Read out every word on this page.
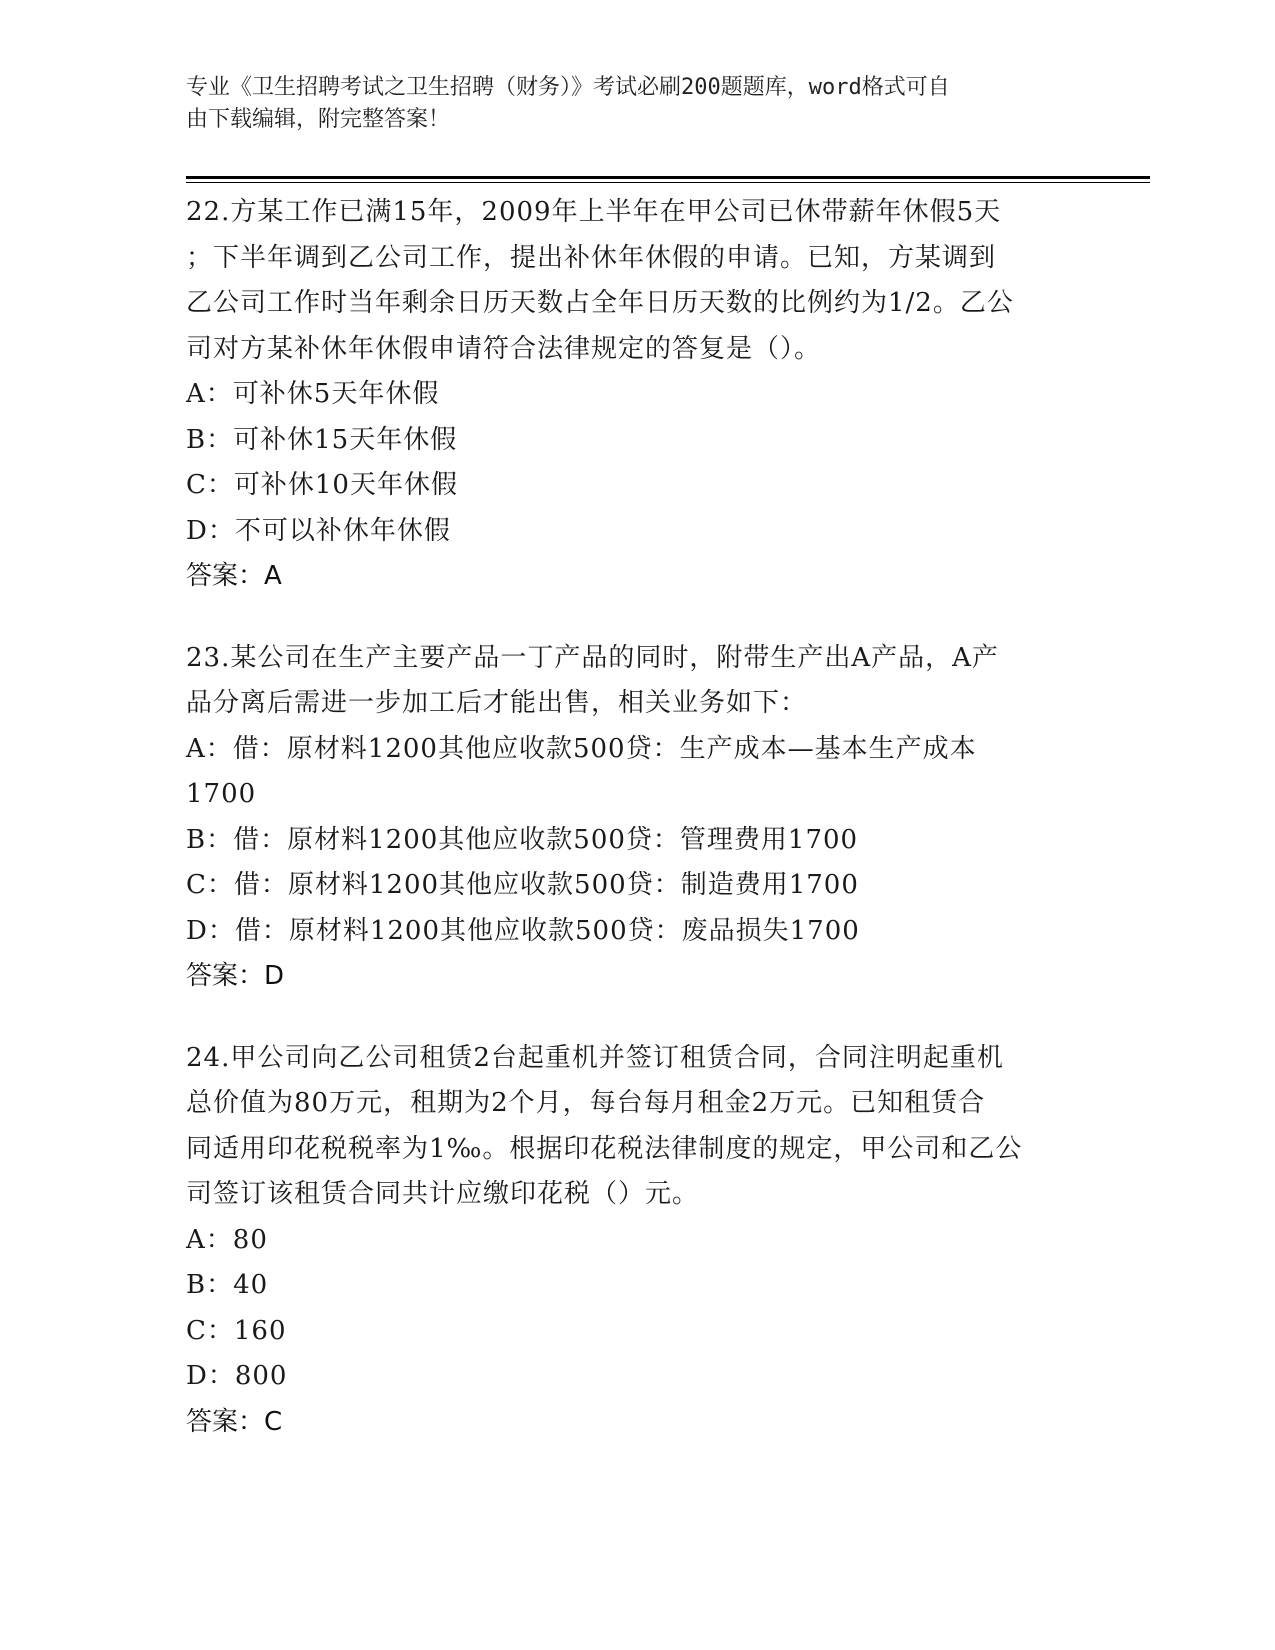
专业《卫生招聘考试之卫生招聘（财务）》考试必刷200题题库，word格式可自
由下载编辑，附完整答案！

22.方某工作已满15年，2009年上半年在甲公司已休带薪年休假5天

；下半年调到乙公司工作，提出补休年休假的申请。已知，方某调到

乙公司工作时当年剩余日历天数占全年日历天数的比例约为1/2。乙公

司对方某补休年休假申请符合法律规定的答复是（）。

A：可补休5天年休假

B：可补休15天年休假

C：可补休10天年休假

D：不可以补休年休假

答案：A

23.某公司在生产主要产品一丁产品的同时，附带生产出A产品，A产

品分离后需进一步加工后才能出售，相关业务如下：

A：借：原材料1200其他应收款500贷：生产成本—基本生产成本

1700

B：借：原材料1200其他应收款500贷：管理费用1700

C：借：原材料1200其他应收款500贷：制造费用1700

D：借：原材料1200其他应收款500贷：废品损失1700

答案：D

24.甲公司向乙公司租赁2台起重机并签订租赁合同，合同注明起重机

总价值为80万元，租期为2个月，每台每月租金2万元。已知租赁合

同适用印花税税率为1‰。根据印花税法律制度的规定，甲公司和乙公

司签订该租赁合同共计应缴印花税（）元。

A：80

B：40

C：160

D：800

答案：C
